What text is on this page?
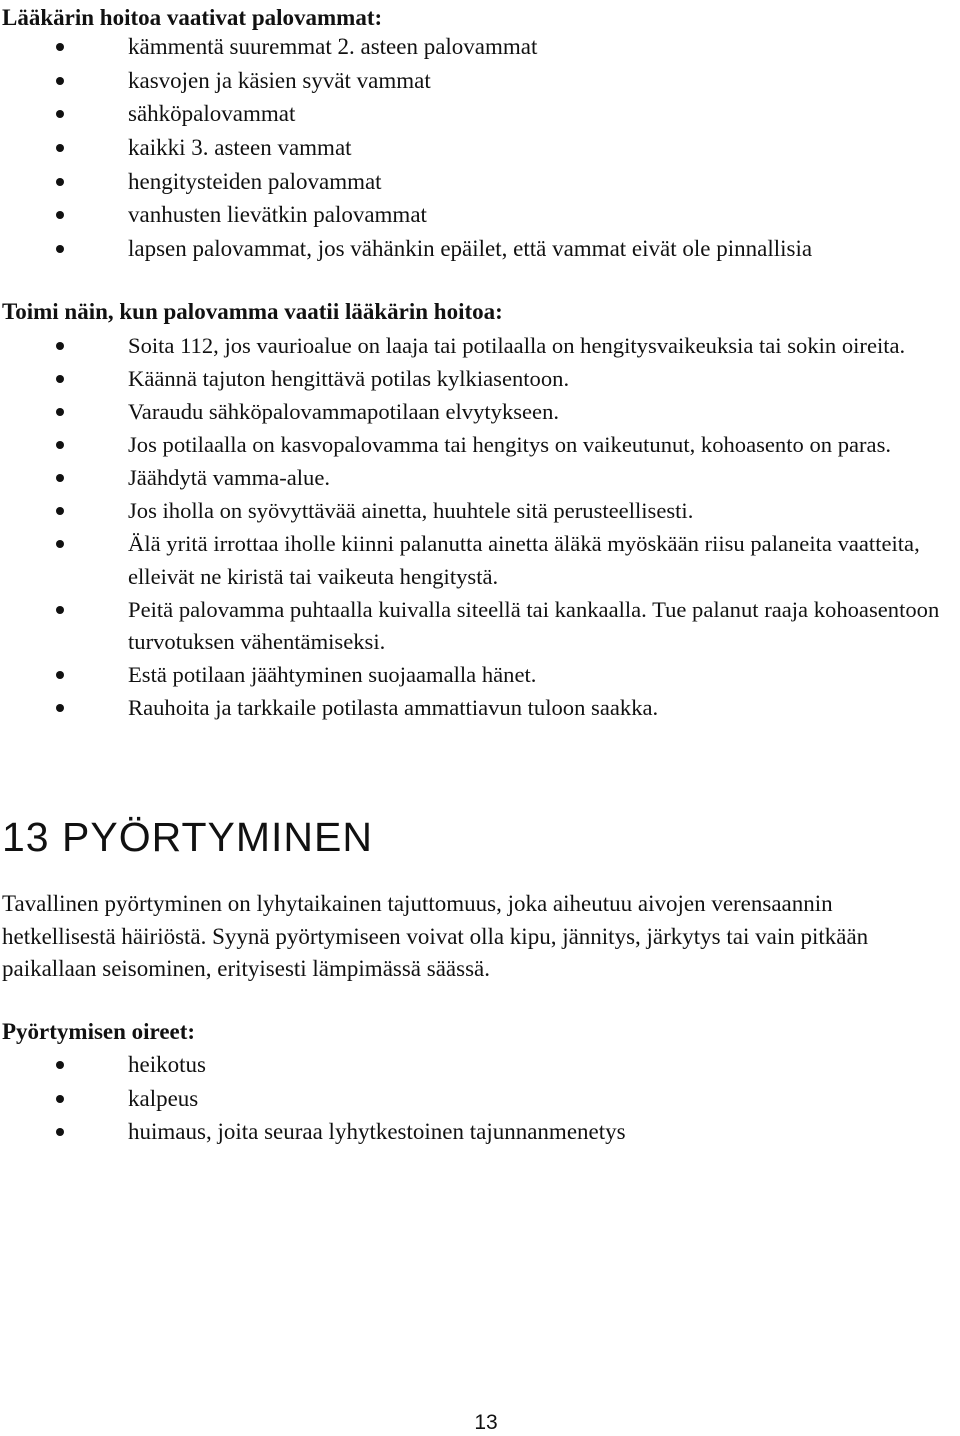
Lääkärin hoitoa vaativat palovammat:
kämmentä suuremmat 2. asteen palovammat
kasvojen ja käsien syvät vammat
sähköpalovammat
kaikki 3. asteen vammat
hengitysteiden palovammat
vanhusten lievätkin palovammat
lapsen palovammat, jos vähänkin epäilet, että vammat eivät ole pinnallisia
Toimi näin, kun palovamma vaatii lääkärin hoitoa:
Soita 112, jos vaurioalue on laaja tai potilaalla on hengitysvaikeuksia tai sokin oireita.
Käännä tajuton hengittävä potilas kylkiasentoon.
Varaudu sähköpalovammapotilaan elvytykseen.
Jos potilaalla on kasvopalovamma tai hengitys on vaikeutunut, kohoasento on paras.
Jäähdytä vamma-alue.
Jos iholla on syövyttävää ainetta, huuhtele sitä perusteellisesti.
Älä yritä irrottaa iholle kiinni palanutta ainetta äläkä myöskään riisu palaneita vaatteita, elleivät ne kiristä tai vaikeuta hengitystä.
Peitä palovamma puhtaalla kuivalla siteellä tai kankaalla. Tue palanut raaja kohoasentoon turvotuksen vähentämiseksi.
Estä potilaan jäähtyminen suojaamalla hänet.
Rauhoita ja tarkkaile potilasta ammattiavun tuloon saakka.
13 PYÖRTYMINEN

Tavallinen pyörtyminen on lyhytaikainen tajuttomuus, joka aiheutuu aivojen verensaannin hetkellisestä häiriöstä. Syynä pyörtymiseen voivat olla kipu, jännitys, järkytys tai vain pitkään paikallaan seisominen, erityisesti lämpimässä säässä.

Pyörtymisen oireet:
heikotus
kalpeus
huimaus, joita seuraa lyhytkestoinen tajunnanmenetys
13
